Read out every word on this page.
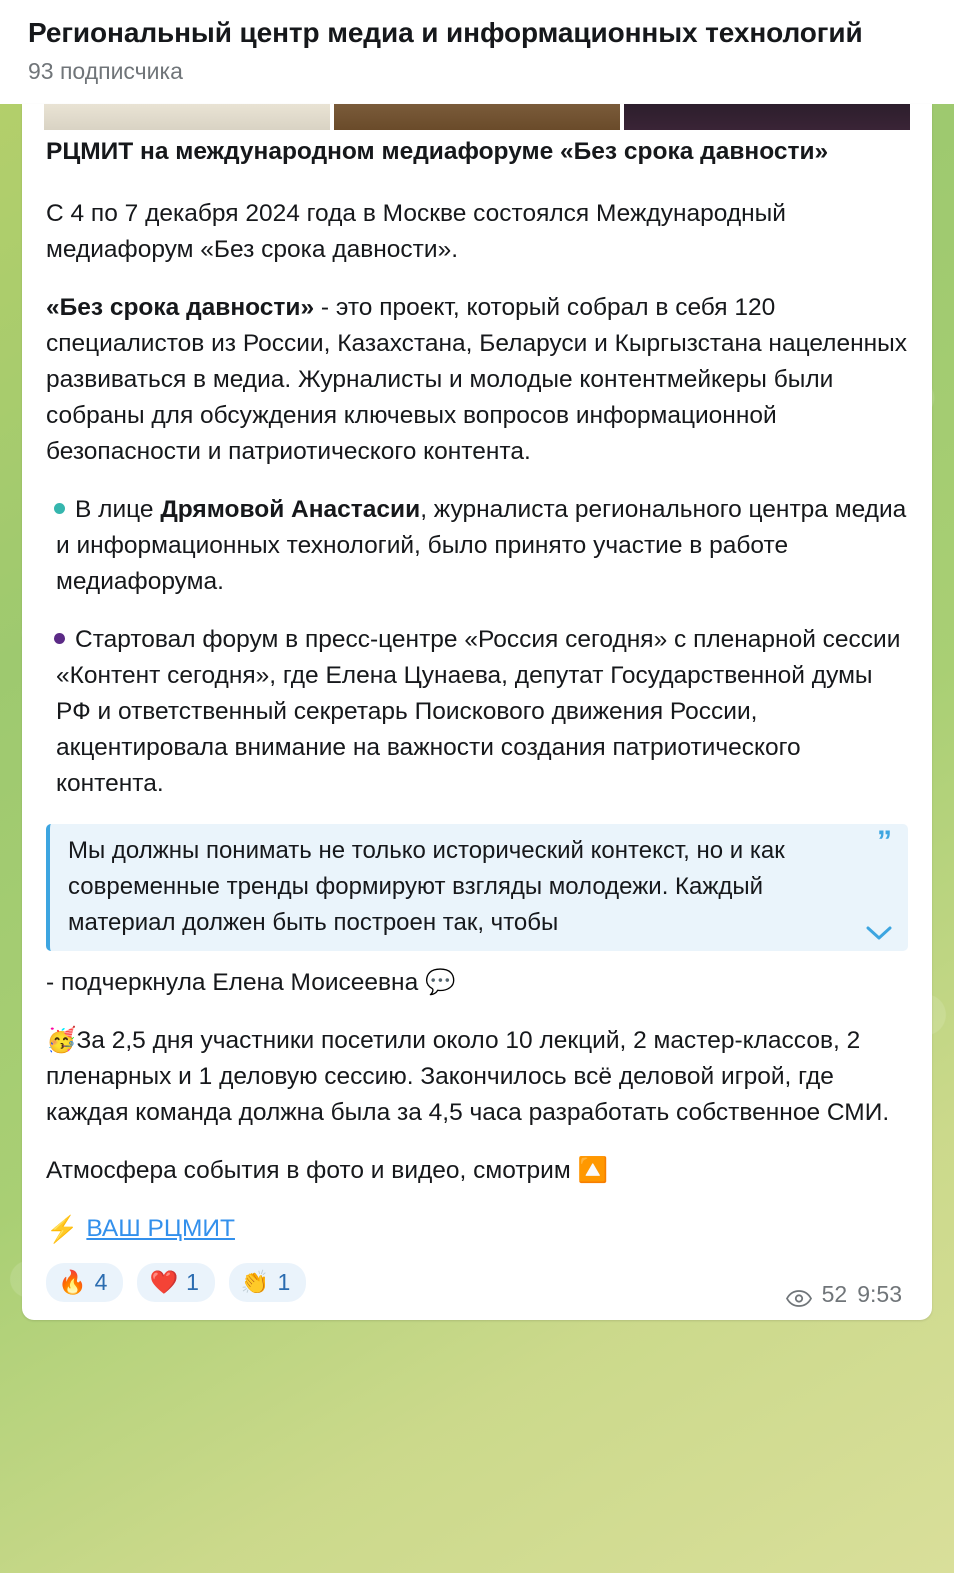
Региональный центр медиа и информационных технологий
93 подписчика

РЦМИТ на международном медиафоруме «Без срока давности»

С 4 по 7 декабря 2024 года в Москве состоялся Международный медиафорум «Без срока давности».

«Без срока давности» - это проект, который собрал в себя 120 специалистов из России, Казахстана, Беларуси и Кыргызстана нацеленных развиваться в медиа. Журналисты и молодые контентмейкеры были собраны для обсуждения ключевых вопросов информационной безопасности и патриотического контента.

В лице Дрямовой Анастасии, журналиста регионального центра медиа и информационных технологий, было принято участие в работе медиафорума.

Стартовал форум в пресс-центре «Россия сегодня» с пленарной сессии «Контент сегодня», где Елена Цунаева, депутат Государственной думы РФ и ответственный секретарь Поискового движения России, акцентировала внимание на важности создания патриотического контента.

”
Мы должны понимать не только исторический контекст, но и как современные тренды формируют взгляды молодежи. Каждый материал должен быть построен так, чтобы

- подчеркнула Елена Моисеевна 💬

🥳За 2,5 дня участники посетили около 10 лекций, 2 мастер-классов, 2 пленарных и 1 деловую сессию. Закончилось всё деловой игрой, где каждая команда должна была за 4,5 часа разработать собственное СМИ.

Атмосфера события в фото и видео, смотрим 🔼

⚡ ВАШ РЦМИТ
🔥 4 ❤️ 1 👏 1	52 9:53
